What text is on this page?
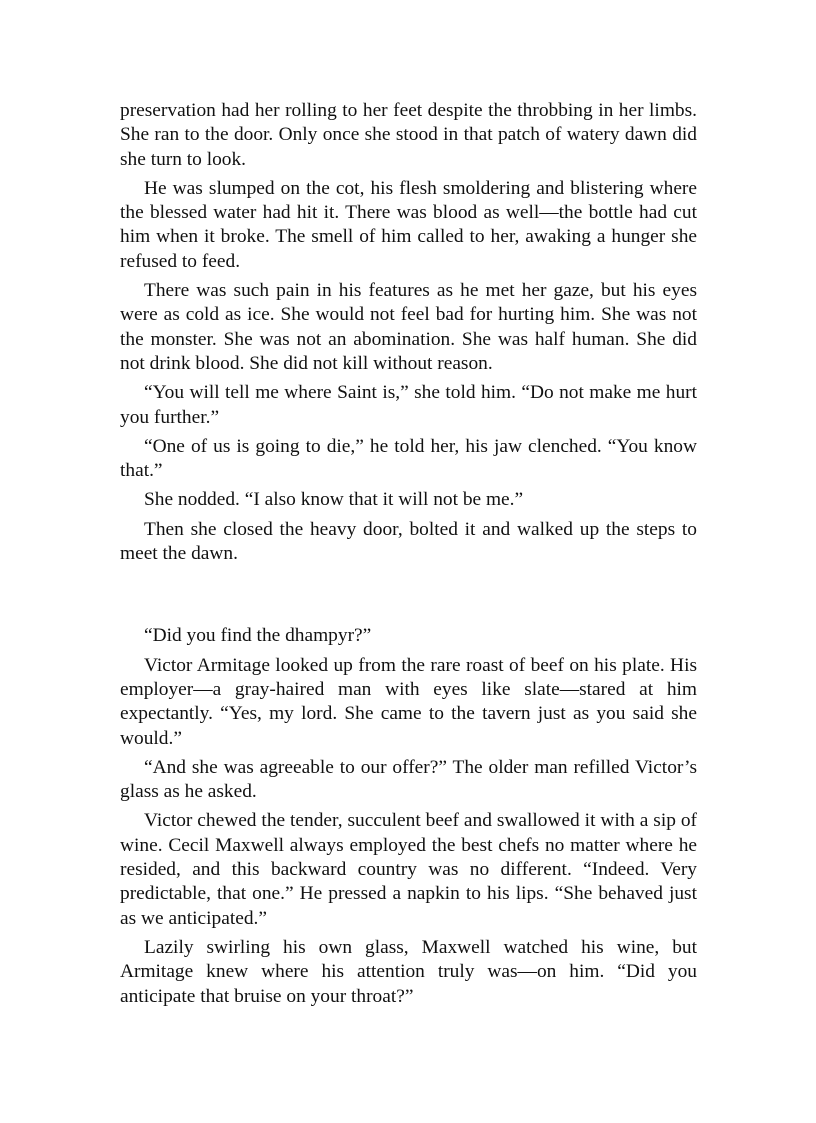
preservation had her rolling to her feet despite the throbbing in her limbs. She ran to the door. Only once she stood in that patch of watery dawn did she turn to look.

He was slumped on the cot, his flesh smoldering and blistering where the blessed water had hit it. There was blood as well—the bottle had cut him when it broke. The smell of him called to her, awaking a hunger she refused to feed.

There was such pain in his features as he met her gaze, but his eyes were as cold as ice. She would not feel bad for hurting him. She was not the monster. She was not an abomination. She was half human. She did not drink blood. She did not kill without reason.

“You will tell me where Saint is,” she told him. “Do not make me hurt you further.”

“One of us is going to die,” he told her, his jaw clenched. “You know that.”

She nodded. “I also know that it will not be me.”

Then she closed the heavy door, bolted it and walked up the steps to meet the dawn.

“Did you find the dhampyr?”

Victor Armitage looked up from the rare roast of beef on his plate. His employer—a gray-haired man with eyes like slate—stared at him expectantly. “Yes, my lord. She came to the tavern just as you said she would.”

“And she was agreeable to our offer?” The older man refilled Victor’s glass as he asked.

Victor chewed the tender, succulent beef and swallowed it with a sip of wine. Cecil Maxwell always employed the best chefs no matter where he resided, and this backward country was no different. “Indeed. Very predictable, that one.” He pressed a napkin to his lips. “She behaved just as we anticipated.”

Lazily swirling his own glass, Maxwell watched his wine, but Armitage knew where his attention truly was—on him. “Did you anticipate that bruise on your throat?”
